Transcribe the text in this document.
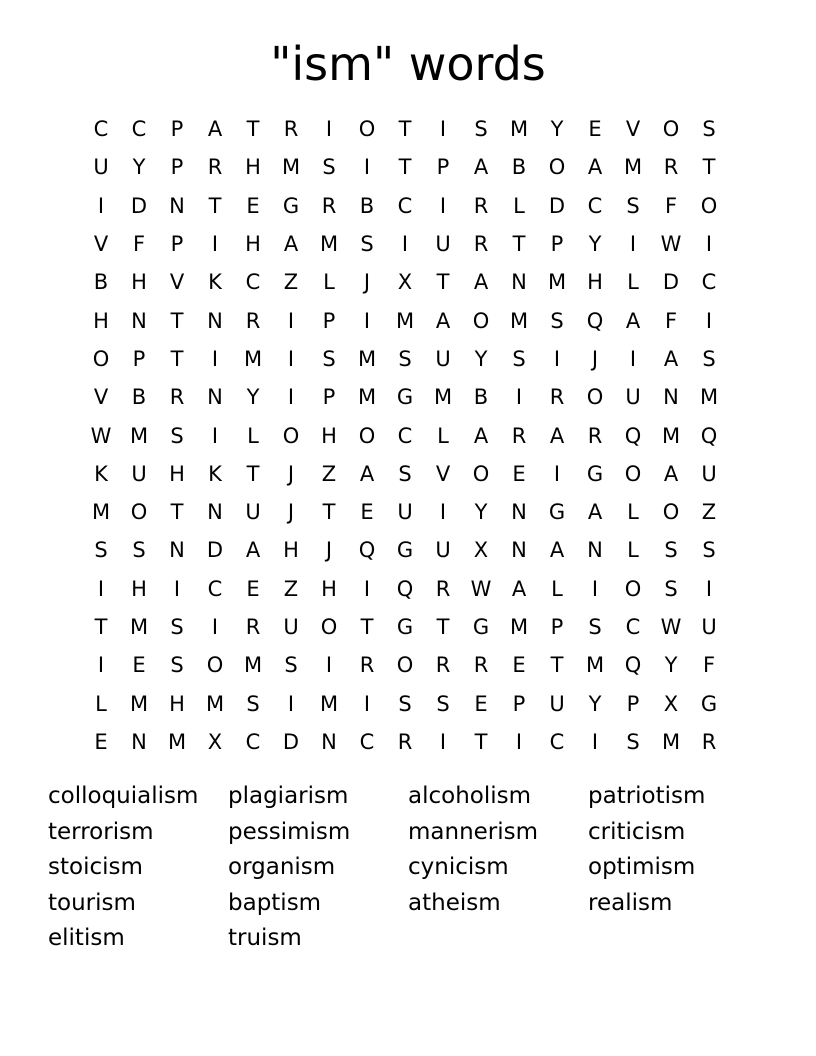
"ism" words
C	C	P	A	T	R	I	O	T	I	S	M	Y	E	V	O	S
U	Y	P	R	H	M	S	I	T	P	A	B	O	A	M	R	T
I	D	N	T	E	G	R	B	C	I	R	L	D	C	S	F	O
V	F	P	I	H	A	M	S	I	U	R	T	P	Y	I	W	I
B	H	V	K	C	Z	L	J	X	T	A	N	M	H	L	D	C
H	N	T	N	R	I	P	I	M	A	O M	S	Q	A	F	I
O	P	T	I	M	I	S	M	S	U	Y	S	I	J	I	A	S
V	B	R	N	Y	I	P	M G M	B	I	R	O	U	N	M
W M	S	I	L	O	H	O	C	L	A	R	A	R	Q M Q
K	U	H	K	T	J	Z	A	S	V	O	E	I	G	O	A	U
M O	T	N	U	J	T	E	U	I	Y	N	G	A	L	O	Z
S	S	N	D	A	H	J	Q	G	U	X	N	A	N	L	S	S
I	H	I	C	E	Z	H	I	Q	R W A	L	I	O	S	I
T	M	S	I	R	U	O	T	G	T	G M	P	S	C W U
I	E	S	O M	S	I	R	O	R	R	E	T	M Q	Y	F
L	M	H	M	S	I	M	I	S	S	E	P	U	Y	P	X	G
E	N	M	X	C	D	N	C	R	I	T	I	C	I	S	M	R
colloquialism	plagiarism	alcoholism	patriotism
terrorism	pessimism	mannerism	criticism
stoicism	organism	cynicism	optimism
tourism	baptism	atheism	realism
elitism	truism
